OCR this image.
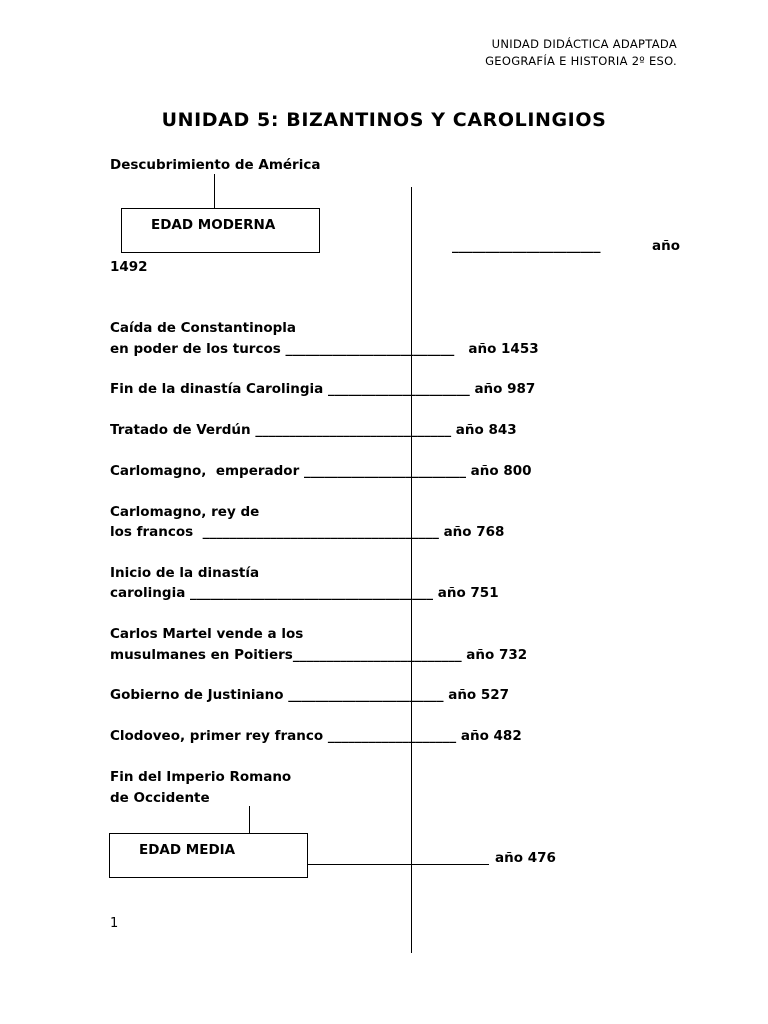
UNIDAD DIDÁCTICA ADAPTADA
GEOGRAFÍA E HISTORIA 2º ESO.
UNIDAD 5: BIZANTINOS Y CAROLINGIOS
Descubrimiento de América
EDAD MODERNA
______________________	año
1492
Caída de Constantinopla
en poder de los turcos _________________________ año 1453
Fin de la dinastía Carolingia _____________________ año 987
Tratado de Verdún _____________________________ año 843
Carlomagno,  emperador ________________________ año 800
Carlomagno, rey de
los francos  ___________________________________ año 768
Inicio de la dinastía
carolingia ____________________________________ año 751
Carlos Martel vende a los
musulmanes en Poitiers_________________________ año 732
Gobierno de Justiniano _______________________ año 527
Clodoveo, primer rey franco ___________________ año 482
Fin del Imperio Romano
de Occidente
EDAD MEDIA	año 476
1
